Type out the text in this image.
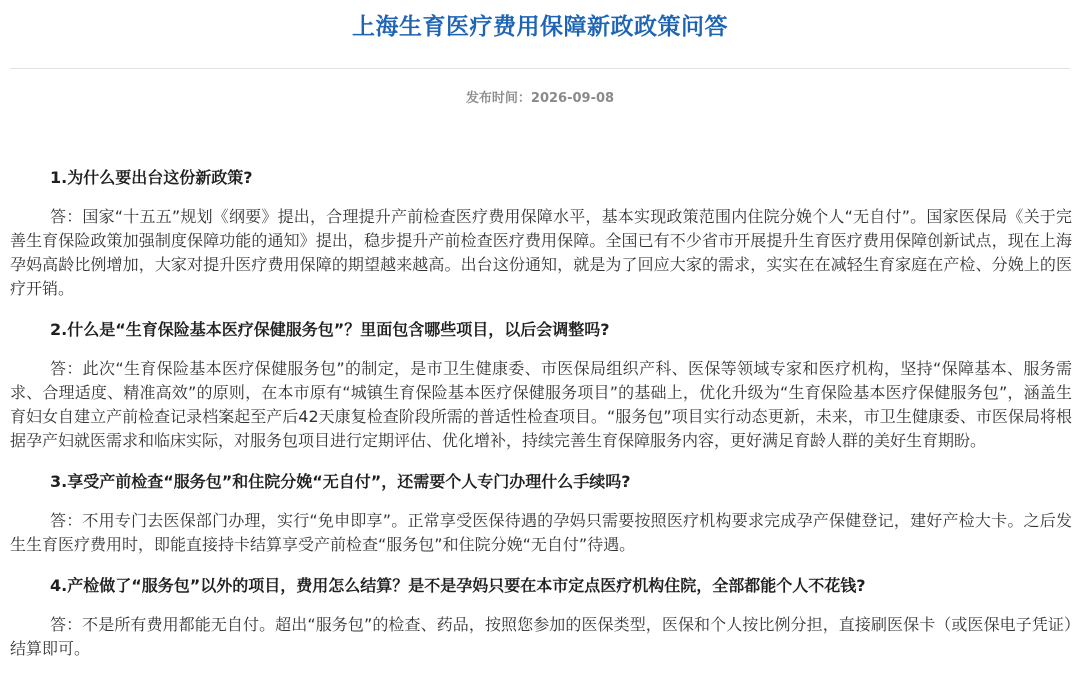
上海生育医疗费用保障新政政策问答
发布时间：2026-09-08

1.为什么要出台这份新政策?

答：国家“十五五”规划《纲要》提出，合理提升产前检查医疗费用保障水平，基本实现政策范围内住院分娩个人“无自付”。国家医保局《关于完善生育保险政策加强制度保障功能的通知》提出，稳步提升产前检查医疗费用保障。全国已有不少省市开展提升生育医疗费用保障创新试点，现在上海孕妈高龄比例增加，大家对提升医疗费用保障的期望越来越高。出台这份通知，就是为了回应大家的需求，实实在在减轻生育家庭在产检、分娩上的医疗开销。

2.什么是“生育保险基本医疗保健服务包”？里面包含哪些项目，以后会调整吗?

答：此次“生育保险基本医疗保健服务包”的制定，是市卫生健康委、市医保局组织产科、医保等领域专家和医疗机构，坚持“保障基本、服务需求、合理适度、精准高效”的原则，在本市原有“城镇生育保险基本医疗保健服务项目”的基础上，优化升级为“生育保险基本医疗保健服务包”，涵盖生育妇女自建立产前检查记录档案起至产后42天康复检查阶段所需的普适性检查项目。“服务包”项目实行动态更新，未来，市卫生健康委、市医保局将根据孕产妇就医需求和临床实际，对服务包项目进行定期评估、优化增补，持续完善生育保障服务内容，更好满足育龄人群的美好生育期盼。

3.享受产前检查“服务包”和住院分娩“无自付”，还需要个人专门办理什么手续吗?

答：不用专门去医保部门办理，实行“免申即享”。正常享受医保待遇的孕妈只需要按照医疗机构要求完成孕产保健登记，建好产检大卡。之后发生生育医疗费用时，即能直接持卡结算享受产前检查“服务包”和住院分娩“无自付”待遇。

4.产检做了“服务包”以外的项目，费用怎么结算？是不是孕妈只要在本市定点医疗机构住院，全部都能个人不花钱?

答：不是所有费用都能无自付。超出“服务包”的检查、药品，按照您参加的医保类型，医保和个人按比例分担，直接刷医保卡（或医保电子凭证）结算即可。
